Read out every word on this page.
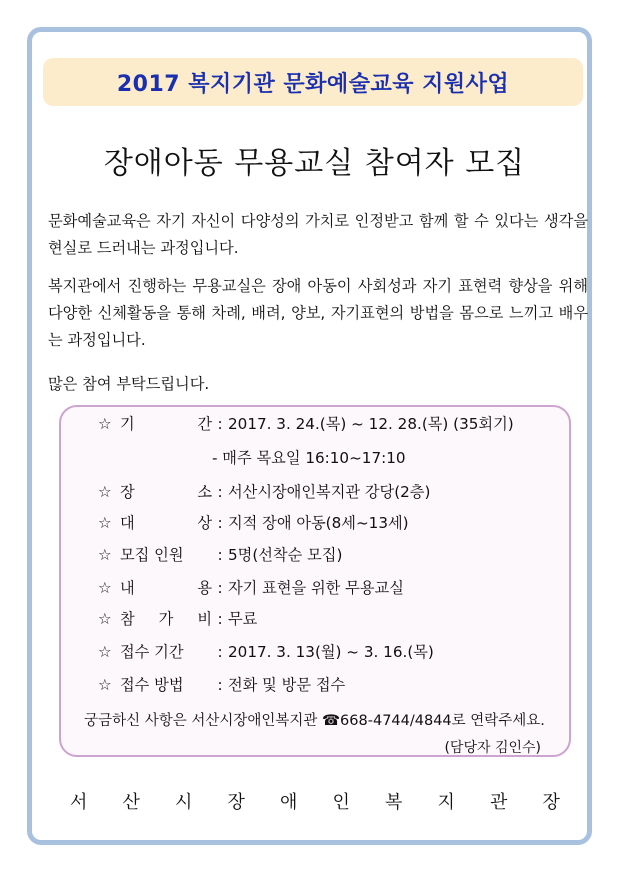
2017 복지기관 문화예술교육 지원사업
장애아동 무용교실 참여자 모집
문화예술교육은 자기 자신이 다양성의 가치로 인정받고 함께 할 수 있다는 생각을 현실로 드러내는 과정입니다.
복지관에서 진행하는 무용교실은 장애 아동이 사회성과 자기 표현력 향상을 위해 다양한 신체활동을 통해 차례, 배려, 양보, 자기표현의 방법을 몸으로 느끼고 배우는 과정입니다.
많은 참여 부탁드립니다.
☆ 기	간 : 2017. 3. 24.(목) ~ 12. 28.(목) (35회기)
- 매주 목요일 16:10~17:10
☆ 장	소 : 서산시장애인복지관 강당(2층)
☆ 대	상 : 지적 장애 아동(8세~13세)
☆ 모집 인원	: 5명(선착순 모집)
☆ 내	용 : 자기 표현을 위한 무용교실
☆ 참 가 비 : 무료
☆ 접수 기간	: 2017. 3. 13(월) ~ 3. 16.(목)
☆ 접수 방법	: 전화 및 방문 접수
궁금하신 사항은 서산시장애인복지관 ☎668-4744/4844로 연락주세요.
(담당자 김인수)
서 산 시 장 애 인 복 지 관 장
